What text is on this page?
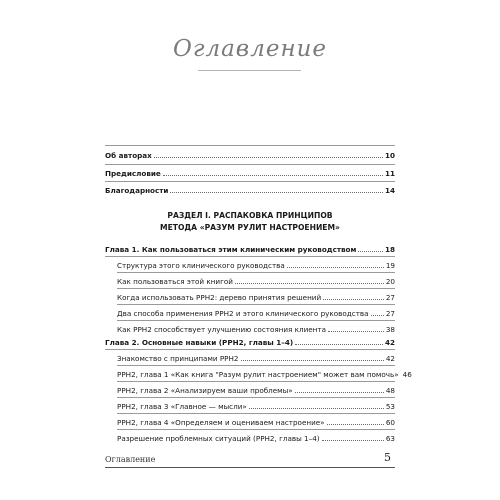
Оглавление
Об авторах	10
Предисловие	11
Благодарности	14
РАЗДЕЛ I. РАСПАКОВКА ПРИНЦИПОВ
МЕТОДА «РАЗУМ РУЛИТ НАСТРОЕНИЕМ»
Глава 1. Как пользоваться этим клиническим руководством	18
Структура этого клинического руководства	19
Как пользоваться этой книгой	20
Когда использовать РРН2: дерево принятия решений	27
Два способа применения РРН2 и этого клинического руководства 27
Как РРН2 способствует улучшению состояния клиента	38
Глава 2. Основные навыки (РРН2, главы 1–4)	42
Знакомство с принципами РРН2	42
РРН2, глава 1 «Как книга "Разум рулит настроением" может вам помочь» 46
РРН2, глава 2 «Анализируем ваши проблемы»	48
РРН2, глава 3 «Главное — мысли»	53
РРН2, глава 4 «Определяем и оцениваем настроение»	60
Разрешение проблемных ситуаций (РРН2, главы 1–4)	63
Оглавление	5
